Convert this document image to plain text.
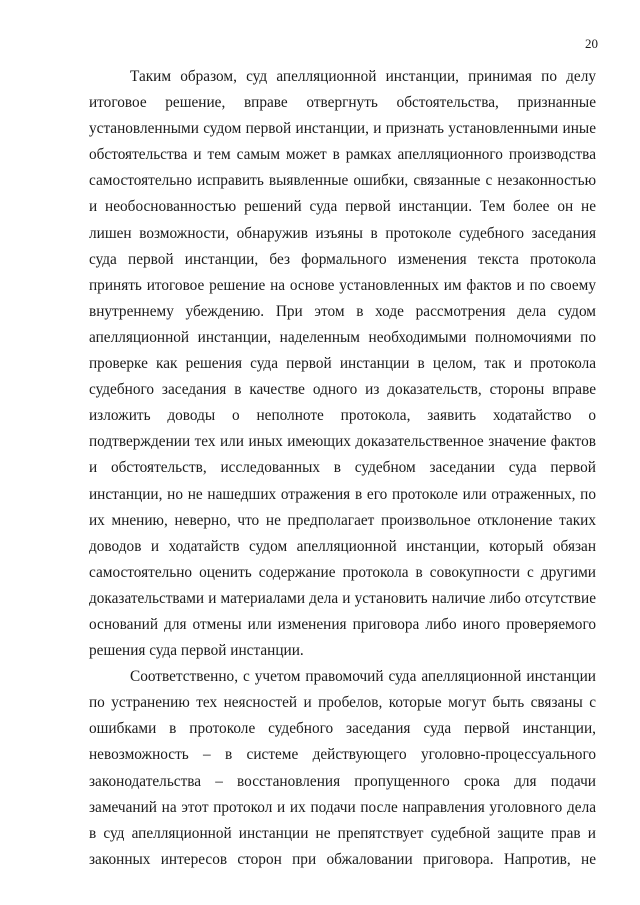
20
Таким образом, суд апелляционной инстанции, принимая по делу
итоговое решение, вправе отвергнуть обстоятельства, признанные
установленными судом первой инстанции, и признать установленными иные
обстоятельства и тем самым может в рамках апелляционного производства
самостоятельно исправить выявленные ошибки, связанные с незаконностью
и необоснованностью решений суда первой инстанции. Тем более он не
лишен возможности, обнаружив изъяны в протоколе судебного заседания
суда первой инстанции, без формального изменения текста протокола
принять итоговое решение на основе установленных им фактов и по своему
внутреннему убеждению. При этом в ходе рассмотрения дела судом
апелляционной инстанции, наделенным необходимыми полномочиями по
проверке как решения суда первой инстанции в целом, так и протокола
судебного заседания в качестве одного из доказательств, стороны вправе
изложить доводы о неполноте протокола, заявить ходатайство о
подтверждении тех или иных имеющих доказательственное значение фактов
и обстоятельств, исследованных в судебном заседании суда первой
инстанции, но не нашедших отражения в его протоколе или отраженных, по
их мнению, неверно, что не предполагает произвольное отклонение таких
доводов и ходатайств судом апелляционной инстанции, который обязан
самостоятельно оценить содержание протокола в совокупности с другими
доказательствами и материалами дела и установить наличие либо отсутствие
оснований для отмены или изменения приговора либо иного проверяемого
решения суда первой инстанции.
Соответственно, с учетом правомочий суда апелляционной инстанции
по устранению тех неясностей и пробелов, которые могут быть связаны с
ошибками в протоколе судебного заседания суда первой инстанции,
невозможность – в системе действующего уголовно-процессуального
законодательства – восстановления пропущенного срока для подачи
замечаний на этот протокол и их подачи после направления уголовного дела
в суд апелляционной инстанции не препятствует судебной защите прав и
законных интересов сторон при обжаловании приговора. Напротив, не
